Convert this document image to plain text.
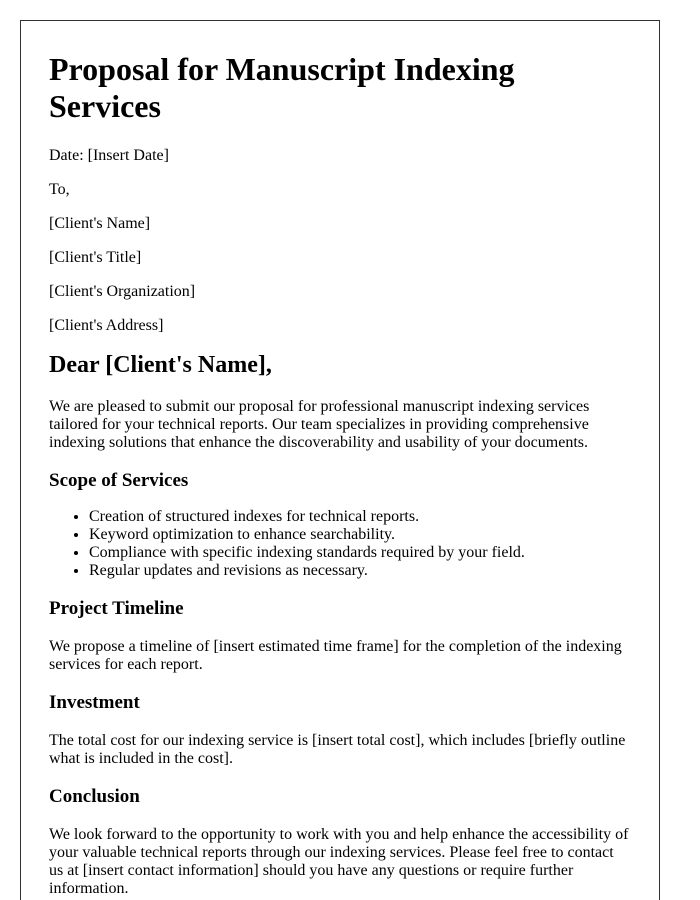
Proposal for Manuscript Indexing Services

Date: [Insert Date]

To,

[Client's Name]

[Client's Title]

[Client's Organization]

[Client's Address]

Dear [Client's Name],

We are pleased to submit our proposal for professional manuscript indexing services tailored for your technical reports. Our team specializes in providing comprehensive indexing solutions that enhance the discoverability and usability of your documents.

Scope of Services
• Creation of structured indexes for technical reports.
• Keyword optimization to enhance searchability.
• Compliance with specific indexing standards required by your field.
• Regular updates and revisions as necessary.
Project Timeline

We propose a timeline of [insert estimated time frame] for the completion of the indexing services for each report.

Investment

The total cost for our indexing service is [insert total cost], which includes [briefly outline what is included in the cost].

Conclusion

We look forward to the opportunity to work with you and help enhance the accessibility of your valuable technical reports through our indexing services. Please feel free to contact us at [insert contact information] should you have any questions or require further information.
